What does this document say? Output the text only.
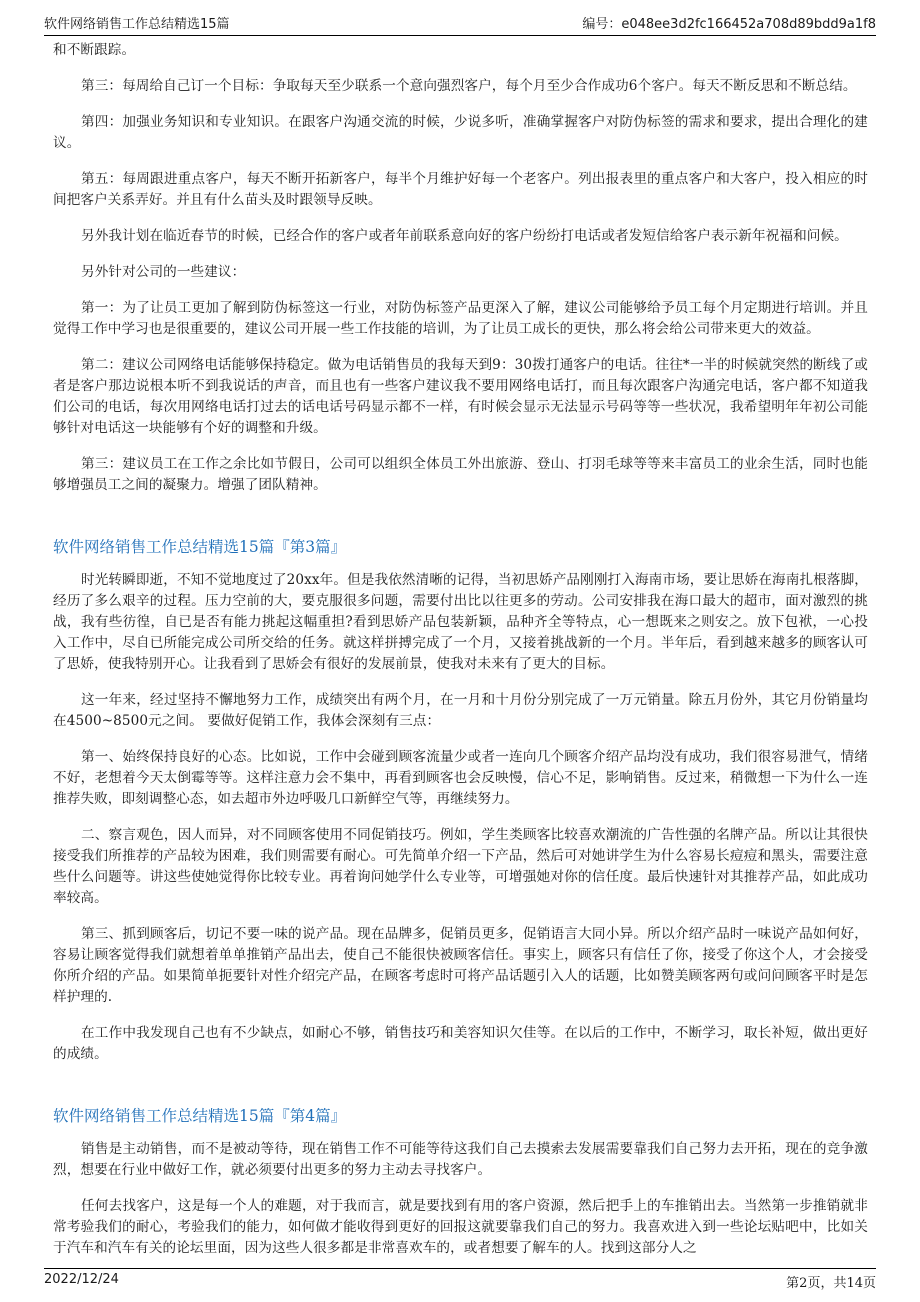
软件网络销售工作总结精选15篇	编号：e048ee3d2fc166452a708d89bdd9a1f8

和不断跟踪。

第三：每周给自己订一个目标：争取每天至少联系一个意向强烈客户，每个月至少合作成功6个客户。每天不断反思和不断总结。

第四：加强业务知识和专业知识。在跟客户沟通交流的时候，少说多听，准确掌握客户对防伪标签的需求和要求，提出合理化的建议。

第五：每周跟进重点客户，每天不断开拓新客户，每半个月维护好每一个老客户。列出报表里的重点客户和大客户，投入相应的时间把客户关系弄好。并且有什么苗头及时跟领导反映。

另外我计划在临近春节的时候，已经合作的客户或者年前联系意向好的客户纷纷打电话或者发短信给客户表示新年祝福和问候。

另外针对公司的一些建议：

第一：为了让员工更加了解到防伪标签这一行业，对防伪标签产品更深入了解，建议公司能够给予员工每个月定期进行培训。并且觉得工作中学习也是很重要的，建议公司开展一些工作技能的培训，为了让员工成长的更快，那么将会给公司带来更大的效益。

第二：建议公司网络电话能够保持稳定。做为电话销售员的我每天到9：30拨打通客户的电话。往往*一半的时候就突然的断线了或者是客户那边说根本听不到我说话的声音，而且也有一些客户建议我不要用网络电话打，而且每次跟客户沟通完电话，客户都不知道我们公司的电话，每次用网络电话打过去的话电话号码显示都不一样，有时候会显示无法显示号码等等一些状况，我希望明年年初公司能够针对电话这一块能够有个好的调整和升级。

第三：建议员工在工作之余比如节假日，公司可以组织全体员工外出旅游、登山、打羽毛球等等来丰富员工的业余生活，同时也能够增强员工之间的凝聚力。增强了团队精神。

软件网络销售工作总结精选15篇『第3篇』

时光转瞬即逝，不知不觉地度过了20xx年。但是我依然清晰的记得，当初思娇产品刚刚打入海南市场，要让思娇在海南扎根落脚，经历了多么艰辛的过程。压力空前的大，要克服很多问题，需要付出比以往更多的劳动。公司安排我在海口最大的超市，面对激烈的挑战，我有些彷徨，自已是否有能力挑起这幅重担?看到思娇产品包装新颖，品种齐全等特点，心一想既来之则安之。放下包袱，一心投入工作中，尽自已所能完成公司所交给的任务。就这样拼搏完成了一个月，又接着挑战新的一个月。半年后，看到越来越多的顾客认可了思娇，使我特别开心。让我看到了思娇会有很好的发展前景，使我对未来有了更大的目标。

这一年来，经过坚持不懈地努力工作，成绩突出有两个月，在一月和十月份分别完成了一万元销量。除五月份外，其它月份销量均在4500~8500元之间。 要做好促销工作，我体会深刻有三点：

第一、始终保持良好的心态。比如说，工作中会碰到顾客流量少或者一连向几个顾客介绍产品均没有成功，我们很容易泄气，情绪不好，老想着今天太倒霉等等。这样注意力会不集中，再看到顾客也会反映慢，信心不足，影响销售。反过来，稍微想一下为什么一连推荐失败，即刻调整心态，如去超市外边呼吸几口新鲜空气等，再继续努力。

二、察言观色，因人而异，对不同顾客使用不同促销技巧。例如，学生类顾客比较喜欢潮流的广告性强的名牌产品。所以让其很快接受我们所推荐的产品较为困难，我们则需要有耐心。可先简单介绍一下产品，然后可对她讲学生为什么容易长痘痘和黑头，需要注意些什么问题等。讲这些使她觉得你比较专业。再着询问她学什么专业等，可增强她对你的信任度。最后快速针对其推荐产品，如此成功率较高。

第三、抓到顾客后，切记不要一味的说产品。现在品牌多，促销员更多，促销语言大同小异。所以介绍产品时一味说产品如何好，容易让顾客觉得我们就想着单单推销产品出去，使自己不能很快被顾客信任。事实上，顾客只有信任了你，接受了你这个人，才会接受你所介绍的产品。如果简单扼要针对性介绍完产品，在顾客考虑时可将产品话题引入人的话题，比如赞美顾客两句或问问顾客平时是怎样护理的.

在工作中我发现自己也有不少缺点，如耐心不够，销售技巧和美容知识欠佳等。在以后的工作中，不断学习，取长补短，做出更好的成绩。

软件网络销售工作总结精选15篇『第4篇』

销售是主动销售，而不是被动等待，现在销售工作不可能等待这我们自己去摸索去发展需要靠我们自己努力去开拓，现在的竞争激烈，想要在行业中做好工作，就必须要付出更多的努力主动去寻找客户。

任何去找客户，这是每一个人的难题，对于我而言，就是要找到有用的客户资源，然后把手上的车推销出去。当然第一步推销就非常考验我们的耐心，考验我们的能力，如何做才能收得到更好的回报这就要靠我们自己的努力。我喜欢进入到一些论坛贴吧中，比如关于汽车和汽车有关的论坛里面，因为这些人很多都是非常喜欢车的，或者想要了解车的人。找到这部分人之

2022/12/24	第2页，共14页
